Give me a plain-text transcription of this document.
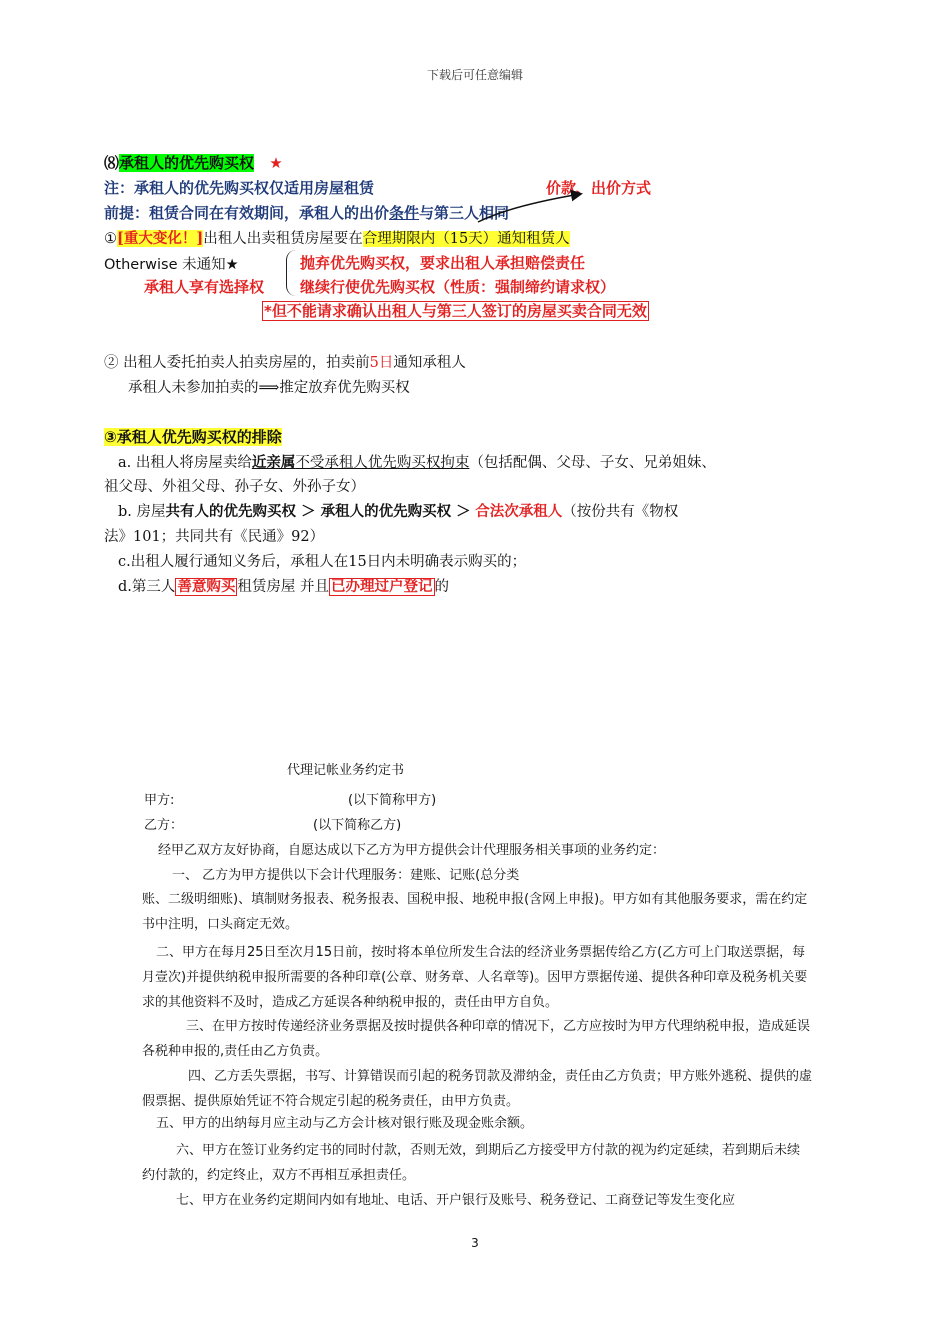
下载后可任意编辑
⑻承租人的优先购买权 ★
注：承租人的优先购买权仅适用房屋租赁	价款、出价方式
前提：租赁合同在有效期间，承租人的出价条件与第三人相同
①[重大变化！]出租人出卖租赁房屋要在合理期限内（15天）通知租赁人
Otherwise 未通知★
承租人享有选择权
抛弃优先购买权，要求出租人承担赔偿责任
继续行使优先购买权（性质：强制缔约请求权）
*但不能请求确认出租人与第三人签订的房屋买卖合同无效
② 出租人委托拍卖人拍卖房屋的，拍卖前5日通知承租人
承租人未参加拍卖的⟹推定放弃优先购买权
③承租人优先购买权的排除
a. 出租人将房屋卖给近亲属不受承租人优先购买权拘束（包括配偶、父母、子女、兄弟姐妹、
祖父母、外祖父母、孙子女、外孙子女）
b. 房屋共有人的优先购买权 ＞ 承租人的优先购买权 ＞ 合法次承租人（按份共有《物权
法》101；共同共有《民通》92）
c.出租人履行通知义务后，承租人在15日内未明确表示购买的；
d.第三人 善意购买 租赁房屋 并且 已办理过户登记 的
代理记帐业务约定书
甲方:	(以下简称甲方)
乙方：	(以下简称乙方)
经甲乙双方友好协商，自愿达成以下乙方为甲方提供会计代理服务相关事项的业务约定：
一、 乙方为甲方提供以下会计代理服务：建账、记账(总分类
账、二级明细账)、填制财务报表、税务报表、国税申报、地税申报(含网上申报)。甲方如有其他服务要求，需在约定书中注明，口头商定无效。
二、甲方在每月25日至次月15日前，按时将本单位所发生合法的经济业务票据传给乙方(乙方可上门取送票据，每月壹次)并提供纳税申报所需要的各种印章(公章、财务章、人名章等)。因甲方票据传递、提供各种印章及税务机关要求的其他资料不及时，造成乙方延误各种纳税申报的，责任由甲方自负。
三、在甲方按时传递经济业务票据及按时提供各种印章的情况下，乙方应按时为甲方代理纳税申报，造成延误各税种申报的,责任由乙方负责。
四、乙方丢失票据，书写、计算错误而引起的税务罚款及滞纳金，责任由乙方负责；甲方账外逃税、提供的虚假票据、提供原始凭证不符合规定引起的税务责任，由甲方负责。
五、甲方的出纳每月应主动与乙方会计核对银行账及现金账余额。
六、甲方在签订业务约定书的同时付款，否则无效，到期后乙方接受甲方付款的视为约定延续，若到期后未续约付款的，约定终止，双方不再相互承担责任。
七、甲方在业务约定期间内如有地址、电话、开户银行及账号、税务登记、工商登记等发生变化应
3
